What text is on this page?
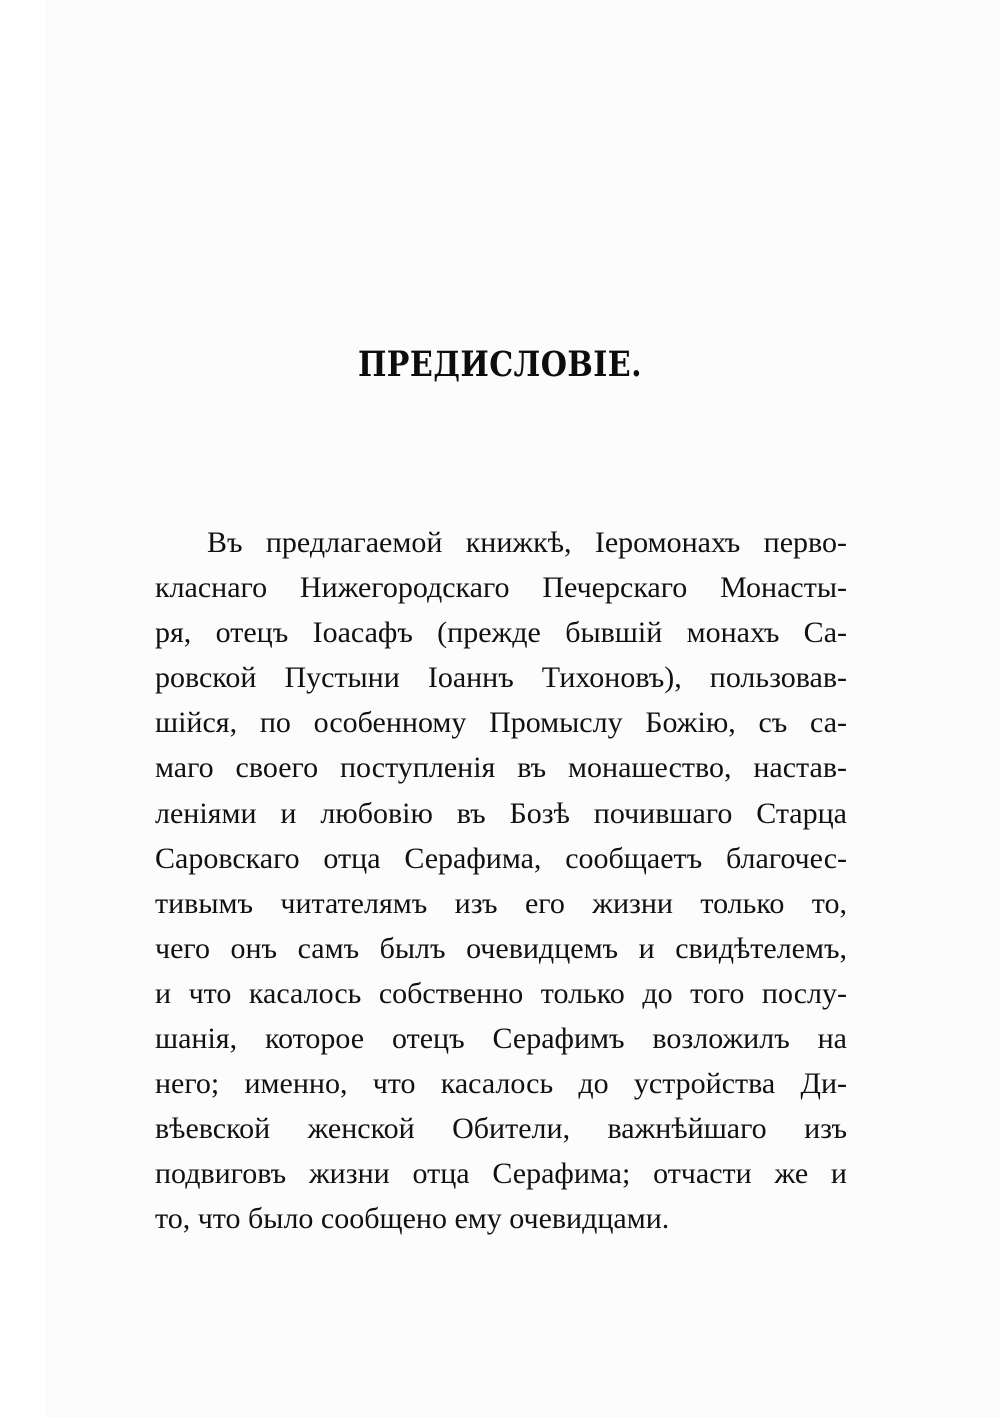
ПРЕДИСЛОВІЕ.
Въ предлагаемой книжкѣ, Іеромонахъ перво-
класнаго Нижегородскаго Печерскаго Монасты-
ря, отецъ Іоасафъ (прежде бывшій монахъ Са-
ровской Пустыни Іоаннъ Тихоновъ), пользовав-
шійся, по особенному Промыслу Божію, съ са-
маго своего поступленія въ монашество, настав-
леніями и любовію въ Бозѣ почившаго Старца
Саровскаго отца Серафима, сообщаетъ благочес-
тивымъ читателямъ изъ его жизни только то,
чего онъ самъ былъ очевидцемъ и свидѣтелемъ,
и что касалось собственно только до того послу-
шанія, которое отецъ Серафимъ возложилъ на
него; именно, что касалось до устройства Ди-
вѣевской женской Обители, важнѣйшаго изъ
подвиговъ жизни отца Серафима; отчасти же и
то, что было сообщено ему очевидцами.
